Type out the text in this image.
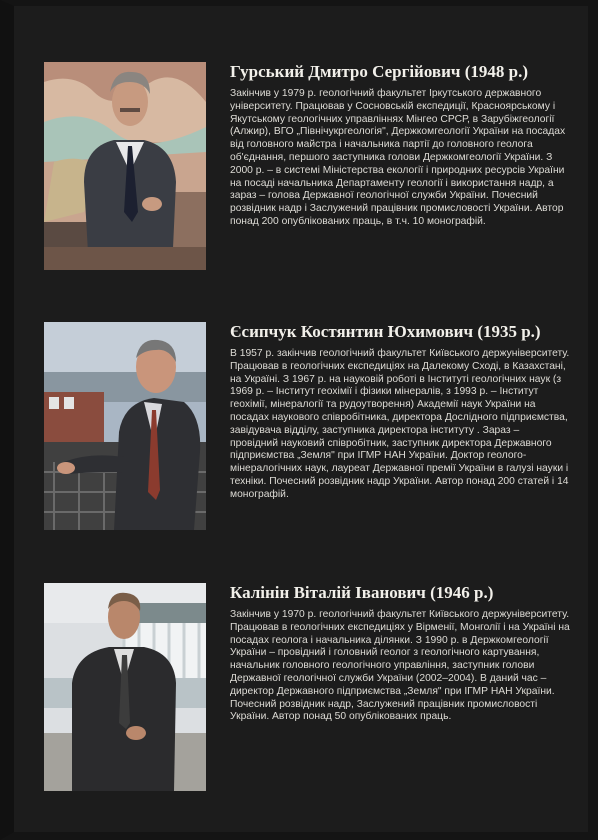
Гурський Дмитро Сергійович (1948 р.)

Закінчив у 1979 р. геологічний факультет Іркутського державного університету. Працював у Сосновській експедиції, Красноярському і Якутському геологічних управліннях Мінгео СРСР, в Зарубіжгеології (Алжир), ВГО „Північукргеологія", Держкомгеології України на посадах від головного майстра і начальника партії до головного геолога об'єднання, першого заступника голови Держкомгеології України. З 2000 р. – в системі Міністерства екології і природних ресурсів України на посаді начальника Департаменту геології і використання надр, а зараз – голова Державної геологічної служби України. Почесний розвідник надр і Заслужений працівник промисловості України. Автор понад 200 опублікованих праць, в т.ч. 10 монографій.

Єсипчук Костянтин Юхимович (1935 р.)

В 1957 р. закінчив геологічний факультет Київського держуніверситету. Працював в геологічних експедиціях на Далекому Сході, в Казахстані, на Україні. З 1967 р. на науковій роботі в Інституті геологічних наук (з 1969 р. – Інститут геохімії і фізики мінералів, з 1993 р. – Інститут геохімії, мінералогії та рудоутворення) Академії наук України на посадах наукового співробітника, директора Дослідного підприємства, завідувача відділу, заступника директора інституту . Зараз – провідний науковий співробітник, заступник директора Державного підприємства „Земля" при ІГМР НАН України. Доктор геолого-мінералогічних наук, лауреат Державної премії України в галузі науки і техніки. Почесний розвідник надр України. Автор понад 200 статей і 14 монографій.

Калінін Віталій Іванович (1946 р.)

Закінчив у 1970 р. геологічний факультет Київського держуніверситету. Працював в геологічних експедиціях у Вірменії, Монголії і на Україні на посадах геолога і начальника ділянки. З 1990 р. в Держкомгеології України – провідний і головний геолог з геологічного картування, начальник головного геологічного управління, заступник голови Державної геологічної служби України (2002–2004). В даний час – директор Державного підприємства „Земля" при ІГМР НАН України. Почесний розвідник надр, Заслужений працівник промисловості України. Автор понад 50 опублікованих праць.
